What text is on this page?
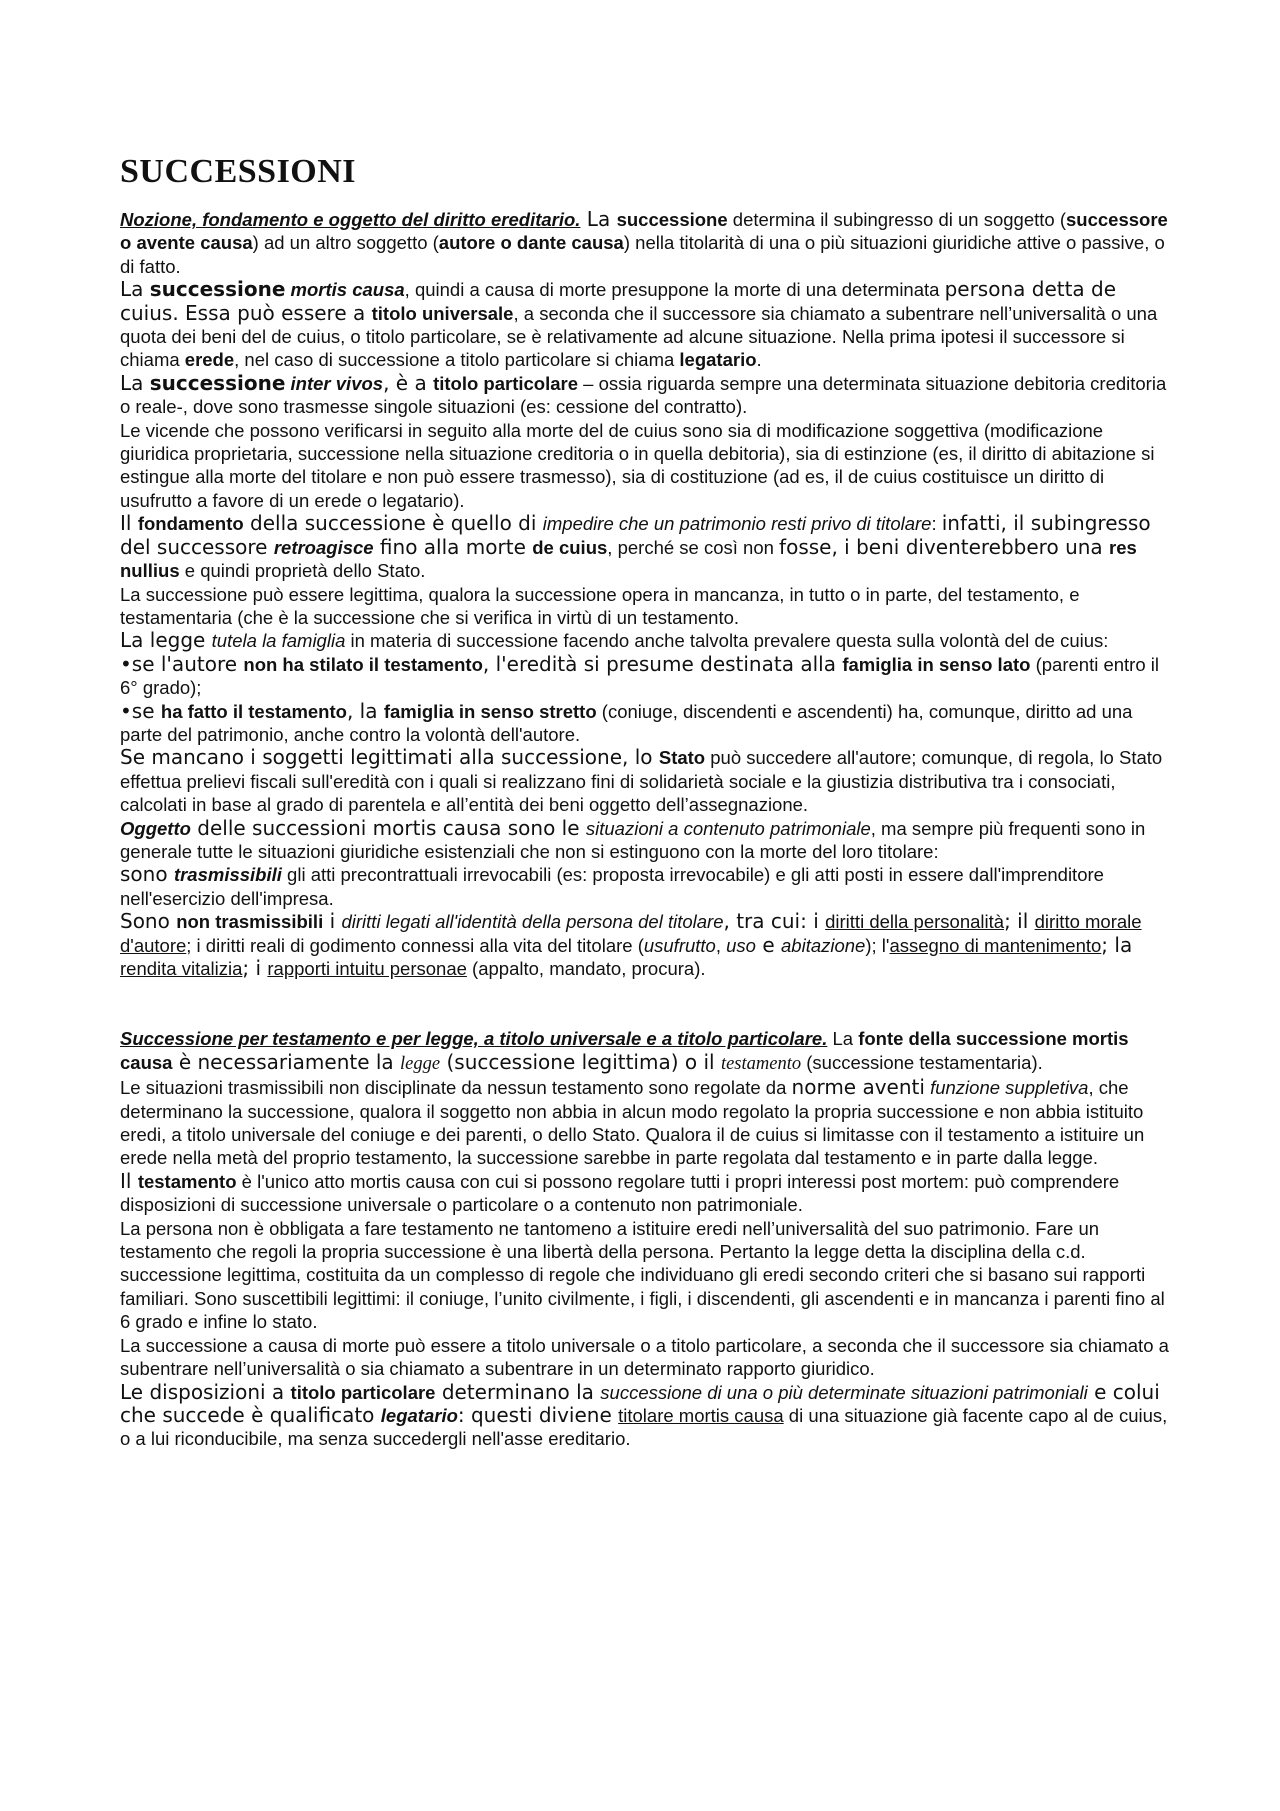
SUCCESSIONI

Nozione, fondamento e oggetto del diritto ereditario. La successione determina il subingresso di un soggetto (successore o avente causa) ad un altro soggetto (autore o dante causa) nella titolarità di una o più situazioni giuridiche attive o passive, o di fatto.

La successione mortis causa, quindi a causa di morte presuppone la morte di una determinata persona detta de cuius. Essa può essere a titolo universale, a seconda che il successore sia chiamato a subentrare nell’universalità o una quota dei beni del de cuius, o titolo particolare, se è relativamente ad alcune situazione. Nella prima ipotesi il successore si chiama erede, nel caso di successione a titolo particolare si chiama legatario.

La successione inter vivos, è a titolo particolare – ossia riguarda sempre una determinata situazione debitoria creditoria o reale-, dove sono trasmesse singole situazioni (es: cessione del contratto).

Le vicende che possono verificarsi in seguito alla morte del de cuius sono sia di modificazione soggettiva (modificazione giuridica proprietaria, successione nella situazione creditoria o in quella debitoria), sia di estinzione (es, il diritto di abitazione si estingue alla morte del titolare e non può essere trasmesso), sia di costituzione (ad es, il de cuius costituisce un diritto di usufrutto a favore di un erede o legatario).

Il fondamento della successione è quello di impedire che un patrimonio resti privo di titolare: infatti, il subingresso del successore retroagisce fino alla morte de cuius, perché se così non fosse, i beni diventerebbero una res nullius e quindi proprietà dello Stato.

La successione può essere legittima, qualora la successione opera in mancanza, in tutto o in parte, del testamento, e testamentaria (che è la successione che si verifica in virtù di un testamento.

La legge tutela la famiglia in materia di successione facendo anche talvolta prevalere questa sulla volontà del de cuius:

•se l'autore non ha stilato il testamento, l'eredità si presume destinata alla famiglia in senso lato (parenti entro il 6° grado);

•se ha fatto il testamento, la famiglia in senso stretto (coniuge, discendenti e ascendenti) ha, comunque, diritto ad una parte del patrimonio, anche contro la volontà dell'autore.

Se mancano i soggetti legittimati alla successione, lo Stato può succedere all'autore; comunque, di regola, lo Stato effettua prelievi fiscali sull'eredità con i quali si realizzano fini di solidarietà sociale e la giustizia distributiva tra i consociati, calcolati in base al grado di parentela e all’entità dei beni oggetto dell’assegnazione.

Oggetto delle successioni mortis causa sono le situazioni a contenuto patrimoniale, ma sempre più frequenti sono in generale tutte le situazioni giuridiche esistenziali che non si estinguono con la morte del loro titolare:

sono trasmissibili gli atti precontrattuali irrevocabili (es: proposta irrevocabile) e gli atti posti in essere dall'imprenditore nell'esercizio dell'impresa.

Sono non trasmissibili i diritti legati all'identità della persona del titolare, tra cui: i diritti della personalità; il diritto morale d'autore; i diritti reali di godimento connessi alla vita del titolare (usufrutto, uso e abitazione); l'assegno di mantenimento; la rendita vitalizia; i rapporti intuitu personae (appalto, mandato, procura).

Successione per testamento e per legge, a titolo universale e a titolo particolare. La fonte della successione mortis causa è necessariamente la legge (successione legittima) o il testamento (successione testamentaria).

Le situazioni trasmissibili non disciplinate da nessun testamento sono regolate da norme aventi funzione suppletiva, che determinano la successione, qualora il soggetto non abbia in alcun modo regolato la propria successione e non abbia istituito eredi, a titolo universale del coniuge e dei parenti, o dello Stato. Qualora il de cuius si limitasse con il testamento a istituire un erede nella metà del proprio testamento, la successione sarebbe in parte regolata dal testamento e in parte dalla legge.

Il testamento è l'unico atto mortis causa con cui si possono regolare tutti i propri interessi post mortem: può comprendere disposizioni di successione universale o particolare o a contenuto non patrimoniale.

La persona non è obbligata a fare testamento ne tantomeno a istituire eredi nell’universalità del suo patrimonio. Fare un testamento che regoli la propria successione è una libertà della persona. Pertanto la legge detta la disciplina della c.d. successione legittima, costituita da un complesso di regole che individuano gli eredi secondo criteri che si basano sui rapporti familiari. Sono suscettibili legittimi: il coniuge, l’unito civilmente, i figli, i discendenti, gli ascendenti e in mancanza i parenti fino al 6 grado e infine lo stato.

La successione a causa di morte può essere a titolo universale o a titolo particolare, a seconda che il successore sia chiamato a subentrare nell’universalità o sia chiamato a subentrare in un determinato rapporto giuridico.

Le disposizioni a titolo particolare determinano la successione di una o più determinate situazioni patrimoniali e colui che succede è qualificato legatario: questi diviene titolare mortis causa di una situazione già facente capo al de cuius, o a lui riconducibile, ma senza succedergli nell'asse ereditario.
